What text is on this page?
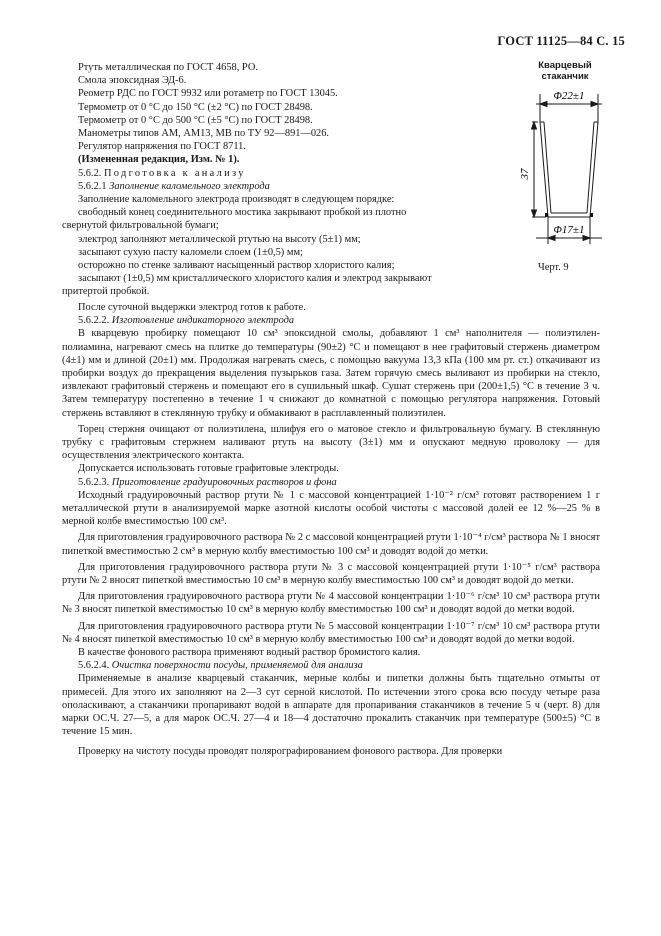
ГОСТ 11125—84 С. 15
Ртуть металлическая по ГОСТ 4658, РО.
Смола эпоксидная ЭД-6.
Реометр РДС по ГОСТ 9932 или ротаметр по ГОСТ 13045.
Термометр от 0 °С до 150 °С (±2 °С) по ГОСТ 28498.
Термометр от 0 °С до 500 °С (±5 °С) по ГОСТ 28498.
Манометры типов АМ, АМ13, МВ по ТУ 92—891—026.
Регулятор напряжения по ГОСТ 8711.
(Измененная редакция, Изм. № 1).
5.6.2. Подготовка к анализу
5.6.2.1 Заполнение каломельного электрода
Заполнение каломельного электрода производят в следующем порядке:
свободный конец соединительного мостика закрывают пробкой из плотно
свернутой фильтровальной бумаги;
электрод заполняют металлической ртутью на высоту (5±1) мм;
засыпают сухую пасту каломели слоем (1±0,5) мм;
осторожно по стенке заливают насыщенный раствор хлористого калия;
засыпают (1±0,5) мм кристаллического хлористого калия и электрод закрывают
притертой пробкой.
Кварцевый
стаканчик
Φ22±1
37
Φ17±1
Черт. 9

После суточной выдержки электрод готов к работе.

5.6.2.2. Изготовление индикаторного электрода

В кварцевую пробирку помещают 10 см³ эпоксидной смолы, добавляют 1 см³ наполнителя — полиэтилен-полиамина, нагревают смесь на плитке до температуры (90±2) °С и помещают в нее графитовый стержень диаметром (4±1) мм и длиной (20±1) мм. Продолжая нагревать смесь, с помощью вакуума 13,3 кПа (100 мм рт. ст.) откачивают из пробирки воздух до прекращения выделения пузырьков газа. Затем горячую смесь выливают из пробирки на стекло, извлекают графитовый стержень и помещают его в сушильный шкаф. Сушат стержень при (200±1,5) °С в течение 3 ч. Затем температуру постепенно в течение 1 ч снижают до комнатной с помощью регулятора напряжения. Готовый стержень вставляют в стеклянную трубку и обмакивают в расплавленный полиэтилен.

Торец стержня очищают от полиэтилена, шлифуя его о матовое стекло и фильтровальную бумагу. В стеклянную трубку с графитовым стержнем наливают ртуть на высоту (3±1) мм и опускают медную проволоку — для осуществления электрического контакта.

Допускается использовать готовые графитовые электроды.

5.6.2.3. Приготовление градуировочных растворов и фона

Исходный градуировочный раствор ртути № 1 с массовой концентрацией 1·10⁻² г/см³ готовят растворением 1 г металлической ртути в анализируемой марке азотной кислоты особой чистоты с массовой долей ее 12 %—25 % в мерной колбе вместимостью 100 см³.

Для приготовления градуировочного раствора № 2 с массовой концентрацией ртути 1·10⁻⁴ г/см³ раствора № 1 вносят пипеткой вместимостью 2 см³ в мерную колбу вместимостью 100 см³ и доводят водой до метки.

Для приготовления градуировочного раствора ртути № 3 с массовой концентрацией ртути 1·10⁻⁵ г/см³ раствора ртути № 2 вносят пипеткой вместимостью 10 см³ в мерную колбу вместимостью 100 см³ и доводят водой до метки.

Для приготовления градуировочного раствора ртути № 4 массовой концентрации 1·10⁻⁶ г/см³ 10 см³ раствора ртути № 3 вносят пипеткой вместимостью 10 см³ в мерную колбу вместимостью 100 см³ и доводят водой до метки водой.

Для приготовления градуировочного раствора ртути № 5 массовой концентрации 1·10⁻⁷ г/см³ 10 см³ раствора ртути № 4 вносят пипеткой вместимостью 10 см³ в мерную колбу вместимостью 100 см³ и доводят водой до метки водой.

В качестве фонового раствора применяют водный раствор бромистого калия.

5.6.2.4. Очистка поверхности посуды, применяемой для анализа

Применяемые в анализе кварцевый стаканчик, мерные колбы и пипетки должны быть тщательно отмыты от примесей. Для этого их заполняют на 2—3 сут серной кислотой. По истечении этого срока всю посуду четыре раза ополаскивают, а стаканчики пропаривают водой в аппарате для пропаривания стаканчиков в течение 5 ч (черт. 8) для марки ОС.Ч. 27—5, а для марок ОС.Ч. 27—4 и 18—4 достаточно прокалить стаканчик при температуре (500±5) °С в течение 15 мин.

Проверку на чистоту посуды проводят полярографированием фонового раствора. Для проверки
